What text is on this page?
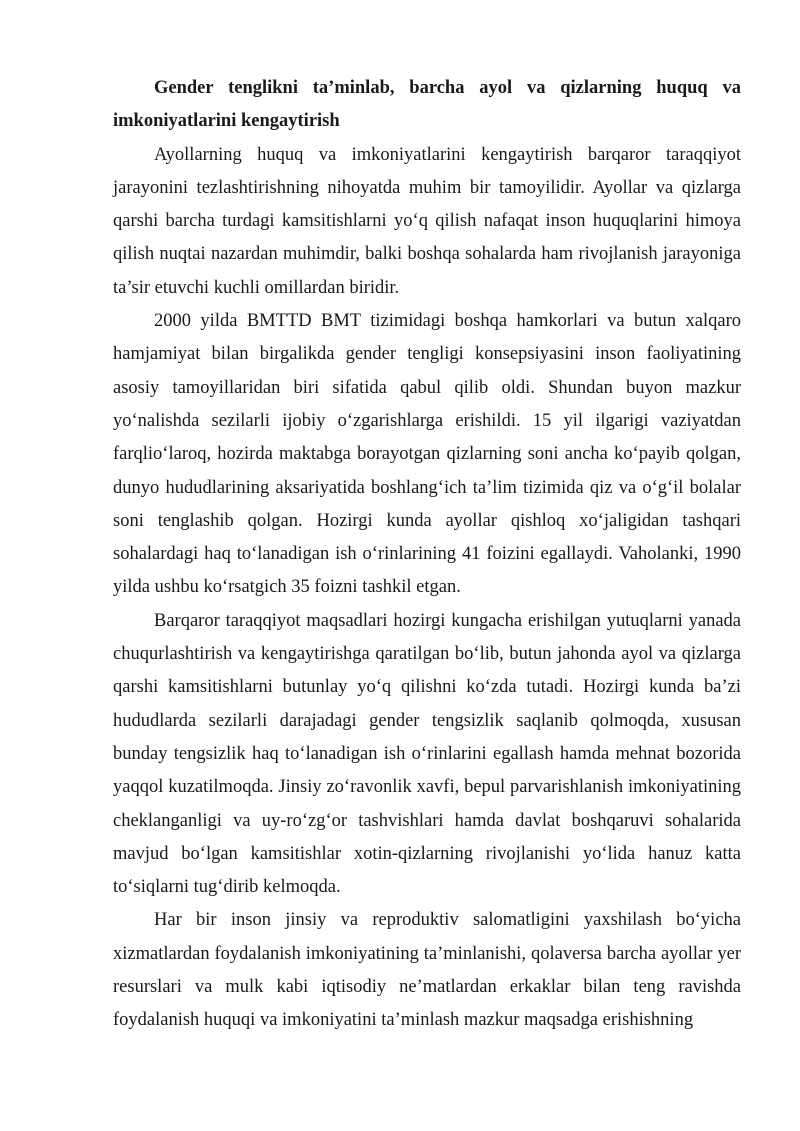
Gender tenglikni ta’minlab, barcha ayol va qizlarning huquq va imkoniyatlarini kengaytirish

Ayollarning huquq va imkoniyatlarini kengaytirish barqaror taraqqiyot jarayonini tezlashtirishning nihoyatda muhim bir tamoyilidir. Ayollar va qizlarga qarshi barcha turdagi kamsitishlarni yo‘q qilish nafaqat inson huquqlarini himoya qilish nuqtai nazardan muhimdir, balki boshqa sohalarda ham rivojlanish jarayoniga ta’sir etuvchi kuchli omillardan biridir.

2000 yilda BMTTD BMT tizimidagi boshqa hamkorlari va butun xalqaro hamjamiyat bilan birgalikda gender tengligi konsepsiyasini inson faoliyatining asosiy tamoyillaridan biri sifatida qabul qilib oldi. Shundan buyon mazkur yo‘nalishda sezilarli ijobiy o‘zgarishlarga erishildi. 15 yil ilgarigi vaziyatdan farqlio‘laroq, hozirda maktabga borayotgan qizlarning soni ancha ko‘payib qolgan, dunyo hududlarining aksariyatida boshlang‘ich ta’lim tizimida qiz va o‘g‘il bolalar soni tenglashib qolgan. Hozirgi kunda ayollar qishloq xo‘jaligidan tashqari sohalardagi haq to‘lanadigan ish o‘rinlarining 41 foizini egallaydi. Vaholanki, 1990 yilda ushbu ko‘rsatgich 35 foizni tashkil etgan.

Barqaror taraqqiyot maqsadlari hozirgi kungacha erishilgan yutuqlarni yanada chuqurlashtirish va kengaytirishga qaratilgan bo‘lib, butun jahonda ayol va qizlarga qarshi kamsitishlarni butunlay yo‘q qilishni ko‘zda tutadi. Hozirgi kunda ba’zi hududlarda sezilarli darajadagi gender tengsizlik saqlanib qolmoqda, xususan bunday tengsizlik haq to‘lanadigan ish o‘rinlarini egallash hamda mehnat bozorida yaqqol kuzatilmoqda. Jinsiy zo‘ravonlik xavfi, bepul parvarishlanish imkoniyatining cheklanganligi va uy-ro‘zg‘or tashvishlari hamda davlat boshqaruvi sohalarida mavjud bo‘lgan kamsitishlar xotin-qizlarning rivojlanishi yo‘lida hanuz katta to‘siqlarni tug‘dirib kelmoqda.

Har bir inson jinsiy va reproduktiv salomatligini yaxshilash bo‘yicha xizmatlardan foydalanish imkoniyatining ta’minlanishi, qolaversa barcha ayollar yer resurslari va mulk kabi iqtisodiy ne’matlardan erkaklar bilan teng ravishda foydalanish huquqi va imkoniyatini ta’minlash mazkur maqsadga erishishning
